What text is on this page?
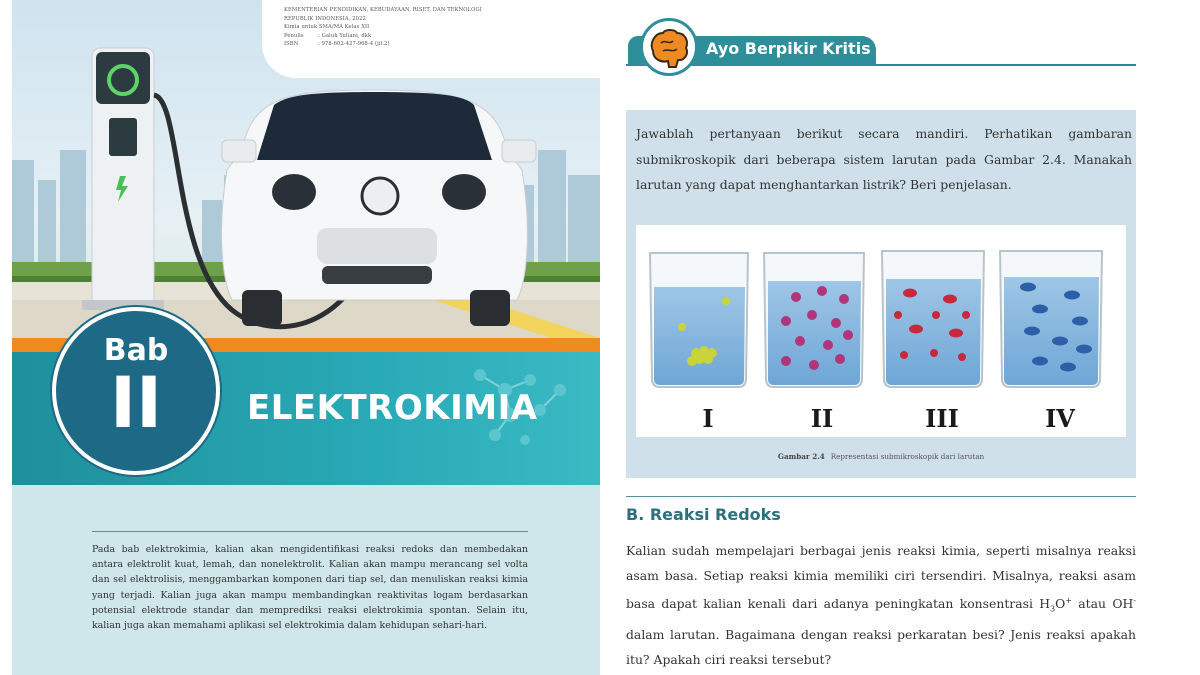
KEMENTERIAN PENDIDIKAN, KEBUDAYAAN, RISET, DAN TEKNOLOGI
REPUBLIK INDONESIA, 2022
Kimia untuk SMA/MA Kelas XII
Penulis	: Galuh Yuliani, dkk
ISBN	: 978-602-427-968-4 (jil.2)
Bab
II	ELEKTROKIMIA

Pada bab elektrokimia, kalian akan mengidentifikasi reaksi redoks dan membedakan antara elektrolit kuat, lemah, dan nonelektrolit. Kalian akan mampu merancang sel volta dan sel elektrolisis, menggambarkan komponen dari tiap sel, dan menuliskan reaksi kimia yang terjadi. Kalian juga akan mampu membandingkan reaktivitas logam berdasarkan potensial elektrode standar dan memprediksi reaksi elektrokimia spontan. Selain itu, kalian juga akan memahami aplikasi sel elektrokimia dalam kehidupan sehari-hari.

Ayo Berpikir Kritis

Jawablah pertanyaan berikut secara mandiri. Perhatikan gambaran submikroskopik dari beberapa sistem larutan pada Gambar 2.4. Manakah larutan yang dapat menghantarkan listrik? Beri penjelasan.

I	II	III	IV
Gambar 2.4 Representasi submikroskopik dari larutan
B. Reaksi Redoks

Kalian sudah mempelajari berbagai jenis reaksi kimia, seperti misalnya reaksi asam basa. Setiap reaksi kimia memiliki ciri tersendiri. Misalnya, reaksi asam basa dapat kalian kenali dari adanya peningkatan konsentrasi $H_3O^+$ atau OH- dalam larutan. Bagaimana dengan reaksi perkaratan besi? Jenis reaksi apakah itu? Apakah ciri reaksi tersebut?
